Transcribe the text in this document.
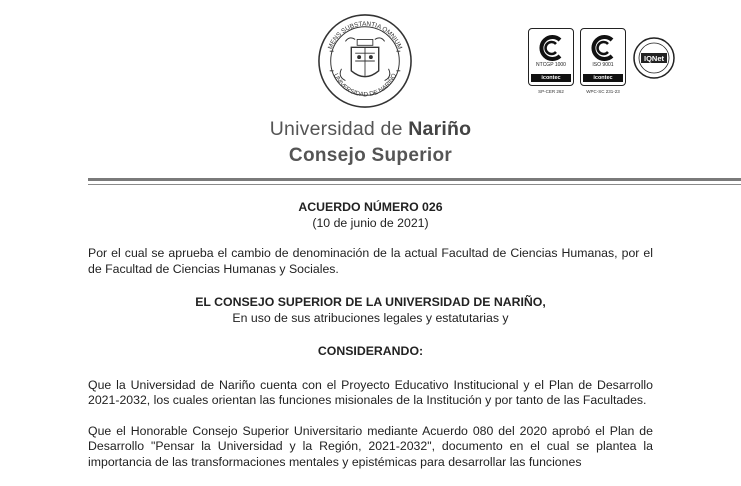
MENS SUBSTANTIA OMNIUM
UNIVERSIDAD DE NARIÑO
NTCGP 1000
icontec
SP-CER 262
ISO 9001
icontec
WPC-SC 231-23
IQNet
Universidad de Nariño
Consejo Superior

ACUERDO NÚMERO 026

(10 de junio de 2021)

Por el cual se aprueba el cambio de denominación de la actual Facultad de Ciencias Humanas, por el de Facultad de Ciencias Humanas y Sociales.

EL CONSEJO SUPERIOR DE LA UNIVERSIDAD DE NARIÑO,

En uso de sus atribuciones legales y estatutarias y

CONSIDERANDO:

Que la Universidad de Nariño cuenta con el Proyecto Educativo Institucional y el Plan de Desarrollo 2021-2032, los cuales orientan las funciones misionales de la Institución y por tanto de las Facultades.

Que el Honorable Consejo Superior Universitario mediante Acuerdo 080 del 2020 aprobó el Plan de Desarrollo "Pensar la Universidad y la Región, 2021-2032", documento en el cual se plantea la importancia de las transformaciones mentales y epistémicas para desarrollar las funciones
